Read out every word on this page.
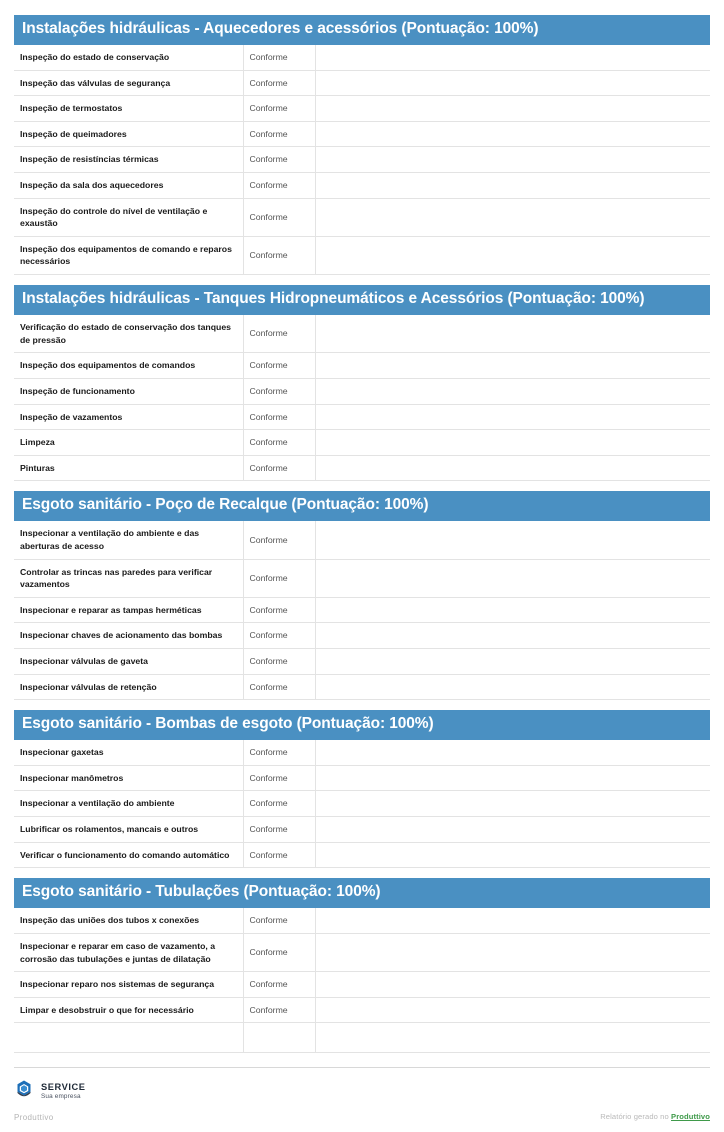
Instalações hidráulicas - Aquecedores e acessórios (Pontuação: 100%)
Inspeção do estado de conservação	Conforme	
Inspeção das válvulas de segurança	Conforme	
Inspeção de termostatos	Conforme	
Inspeção de queimadores	Conforme	
Inspeção de resistíncias térmicas	Conforme	
Inspeção da sala dos aquecedores	Conforme	
Inspeção do controle do nível de ventilação e exaustão	Conforme	
Inspeção dos equipamentos de comando e reparos necessários	Conforme	
Instalações hidráulicas - Tanques Hidropneumáticos e Acessórios (Pontuação: 100%)
Verificação do estado de conservação dos tanques de pressão	Conforme	
Inspeção dos equipamentos de comandos	Conforme	
Inspeção de funcionamento	Conforme	
Inspeção de vazamentos	Conforme	
Limpeza	Conforme	
Pinturas	Conforme	
Esgoto sanitário - Poço de Recalque (Pontuação: 100%)
Inspecionar a ventilação do ambiente e das aberturas de acesso	Conforme	
Controlar as trincas nas paredes para verificar vazamentos	Conforme	
Inspecionar e reparar as tampas herméticas	Conforme	
Inspecionar chaves de acionamento das bombas	Conforme	
Inspecionar válvulas de gaveta	Conforme	
Inspecionar válvulas de retenção	Conforme	
Esgoto sanitário - Bombas de esgoto (Pontuação: 100%)
Inspecionar gaxetas	Conforme	
Inspecionar manômetros	Conforme	
Inspecionar a ventilação do ambiente	Conforme	
Lubrificar os rolamentos, mancais e outros	Conforme	
Verificar o funcionamento do comando automático	Conforme	
Esgoto sanitário - Tubulações (Pontuação: 100%)
Inspeção das uniões dos tubos x conexões	Conforme	
Inspecionar e reparar em caso de vazamento, a corrosão das tubulações e juntas de dilatação	Conforme	
Inspecionar reparo nos sistemas de segurança	Conforme	
Limpar e desobstruir o que for necessário	Conforme	

SERVICE
Sua empresa
Produttivo	Relatório gerado no Produttivo
